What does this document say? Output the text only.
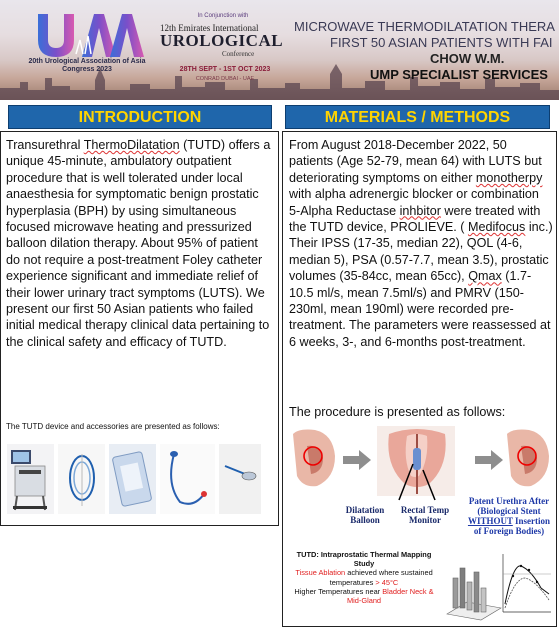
UAA
20th Urological Association of Asia Congress 2023
In Conjunction with
12th Emirates International
UROLOGICAL
Conference
28TH SEPT - 1ST OCT 2023
CONRAD DUBAI - UAE
MICROWAVE THERMODILATATION THERA
FIRST 50 ASIAN PATIENTS WITH FAI
CHOW W.M.
UMP SPECIALIST SERVICES
INTRODUCTION
Transurethral ThermoDilatation (TUTD) offers a unique 45-minute, ambulatory outpatient procedure that is well tolerated under local anaesthesia for symptomatic benign prostatic hyperplasia (BPH) by using simultaneous focused microwave heating and pressurized balloon dilation therapy. About 95% of patient do not require a post-treatment Foley catheter experience significant and immediate relief of their lower urinary tract symptoms (LUTS). We present our first 50 Asian patients who failed initial medical therapy clinical data pertaining to the clinical safety and efficacy of TUTD.
The TUTD device and accessories are presented as follows:
MATERIALS / METHODS
From August 2018-December 2022, 50 patients (Age 52-79, mean 64) with LUTS but deteriorating symptoms on either monotherpy with alpha adrenergic blocker or combination 5-Alpha Reductase inhbitor were treated with the TUTD device, PROLIEVE. ( Medifocus inc.) Their IPSS (17-35, median 22), QOL (4-6, median 5), PSA (0.57-7.7, mean 3.5), prostatic volumes (35-84cc, mean 65cc), Qmax (1.7-10.5 ml/s, mean 7.5ml/s) and PMRV (150-230ml, mean 190ml) were recorded pre-treatment. The parameters were reassessed at 6 weeks, 3-, and 6-months post-treatment.
The procedure is presented as follows:
Dilatation Balloon
Rectal Temp Monitor
Patent Urethra After
(Biological Stent
WITHOUT Insertion
of Foreign Bodies)
TUTD: Intraprostatic Thermal Mapping Study
Tissue Ablation achieved where sustained temperatures > 45°C
Higher Temperatures near Bladder Neck & Mid-Gland
